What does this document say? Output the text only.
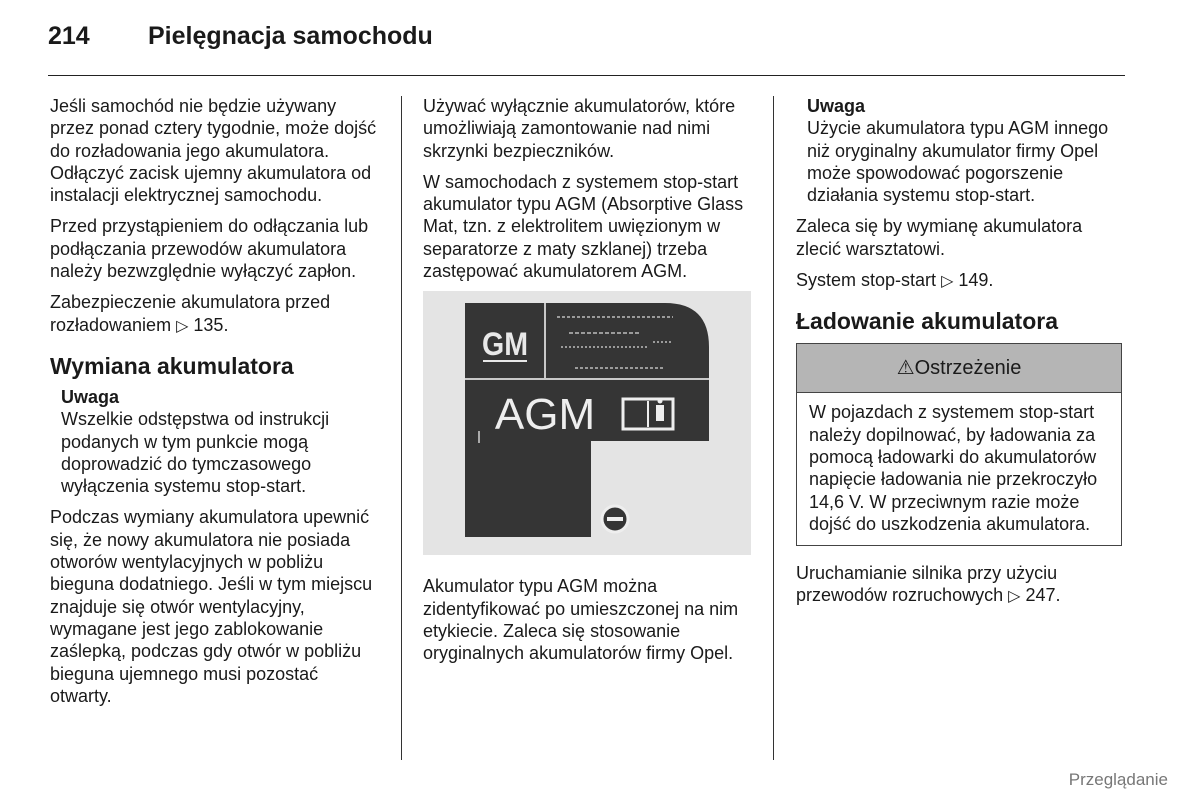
214 Pielęgnacja samochodu

Jeśli samochód nie będzie używany przez ponad cztery tygodnie, może dojść do rozładowania jego akumulatora. Odłączyć zacisk ujemny akumulatora od instalacji elektrycznej samochodu.

Przed przystąpieniem do odłączania lub podłączania przewodów akumulatora należy bezwzględnie wyłączyć zapłon.

Zabezpieczenie akumulatora przed rozładowaniem ▷ 135.

Wymiana akumulatora
Uwaga
Wszelkie odstępstwa od instrukcji podanych w tym punkcie mogą doprowadzić do tymczasowego wyłączenia systemu stop-start.

Podczas wymiany akumulatora upewnić się, że nowy akumulatora nie posiada otworów wentylacyjnych w pobliżu bieguna dodatniego. Jeśli w tym miejscu znajduje się otwór wentylacyjny, wymagane jest jego zablokowanie zaślepką, podczas gdy otwór w pobliżu bieguna ujemnego musi pozostać otwarty.

Używać wyłącznie akumulatorów, które umożliwiają zamontowanie nad nimi skrzynki bezpieczników.

W samochodach z systemem stop-start akumulator typu AGM (Absorptive Glass Mat, tzn. z elektrolitem uwięzionym w separatorze z maty szklanej) trzeba zastępować akumulatorem AGM.

GM
AGM

Akumulator typu AGM można zidentyfikować po umieszczonej na nim etykiecie. Zaleca się stosowanie oryginalnych akumulatorów firmy Opel.

Uwaga
Użycie akumulatora typu AGM innego niż oryginalny akumulator firmy Opel może spowodować pogorszenie działania systemu stop-start.

Zaleca się by wymianę akumulatora zlecić warsztatowi.

System stop-start ▷ 149.

Ładowanie akumulatora
⚠ Ostrzeżenie
W pojazdach z systemem stop-start należy dopilnować, by ładowania za pomocą ładowarki do akumulatorów napięcie ładowania nie przekroczyło 14,6 V. W przeciwnym razie może dojść do uszkodzenia akumulatora.

Uruchamianie silnika przy użyciu przewodów rozruchowych ▷ 247.

Przeglądanie
